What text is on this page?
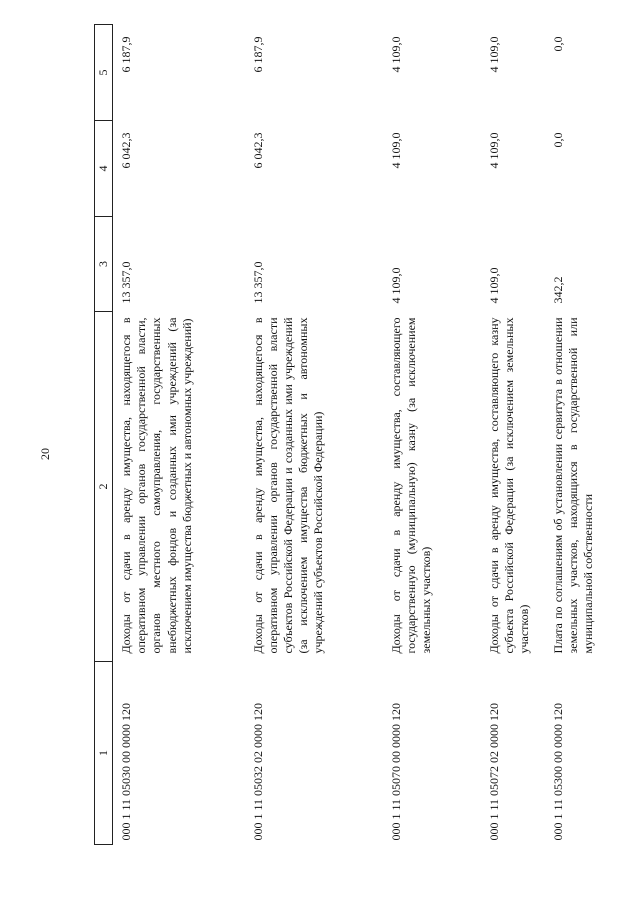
20
1	2	3	4	5
000 1 11 05030 00 0000 120	Доходы от сдачи в аренду имущества, находящегося в оперативном управлении органов государственной власти, органов местного самоуправления, государственных внебюджетных фондов и созданных ими учреждений (за исключением имущества бюджетных и автономных учреждений)	13 357,0	6 042,3	6 187,9
000 1 11 05032 02 0000 120	Доходы от сдачи в аренду имущества, находящегося в оперативном управлении органов государственной власти субъектов Российской Федерации и созданных ими учреждений (за исключением имущества бюджетных и автономных учреждений субъектов Российской Федерации)	13 357,0	6 042,3	6 187,9
000 1 11 05070 00 0000 120	Доходы от сдачи в аренду имущества, составляющего государственную (муниципальную) казну (за исключением земельных участков)	4 109,0	4 109,0	4 109,0
000 1 11 05072 02 0000 120	Доходы от сдачи в аренду имущества, составляющего казну субъекта Российской Федерации (за исключением земельных участков)	4 109,0	4 109,0	4 109,0
000 1 11 05300 00 0000 120	Плата по соглашениям об установлении сервитута в отношении земельных участков, находящихся в государственной или муниципальной собственности	342,2	0,0	0,0
